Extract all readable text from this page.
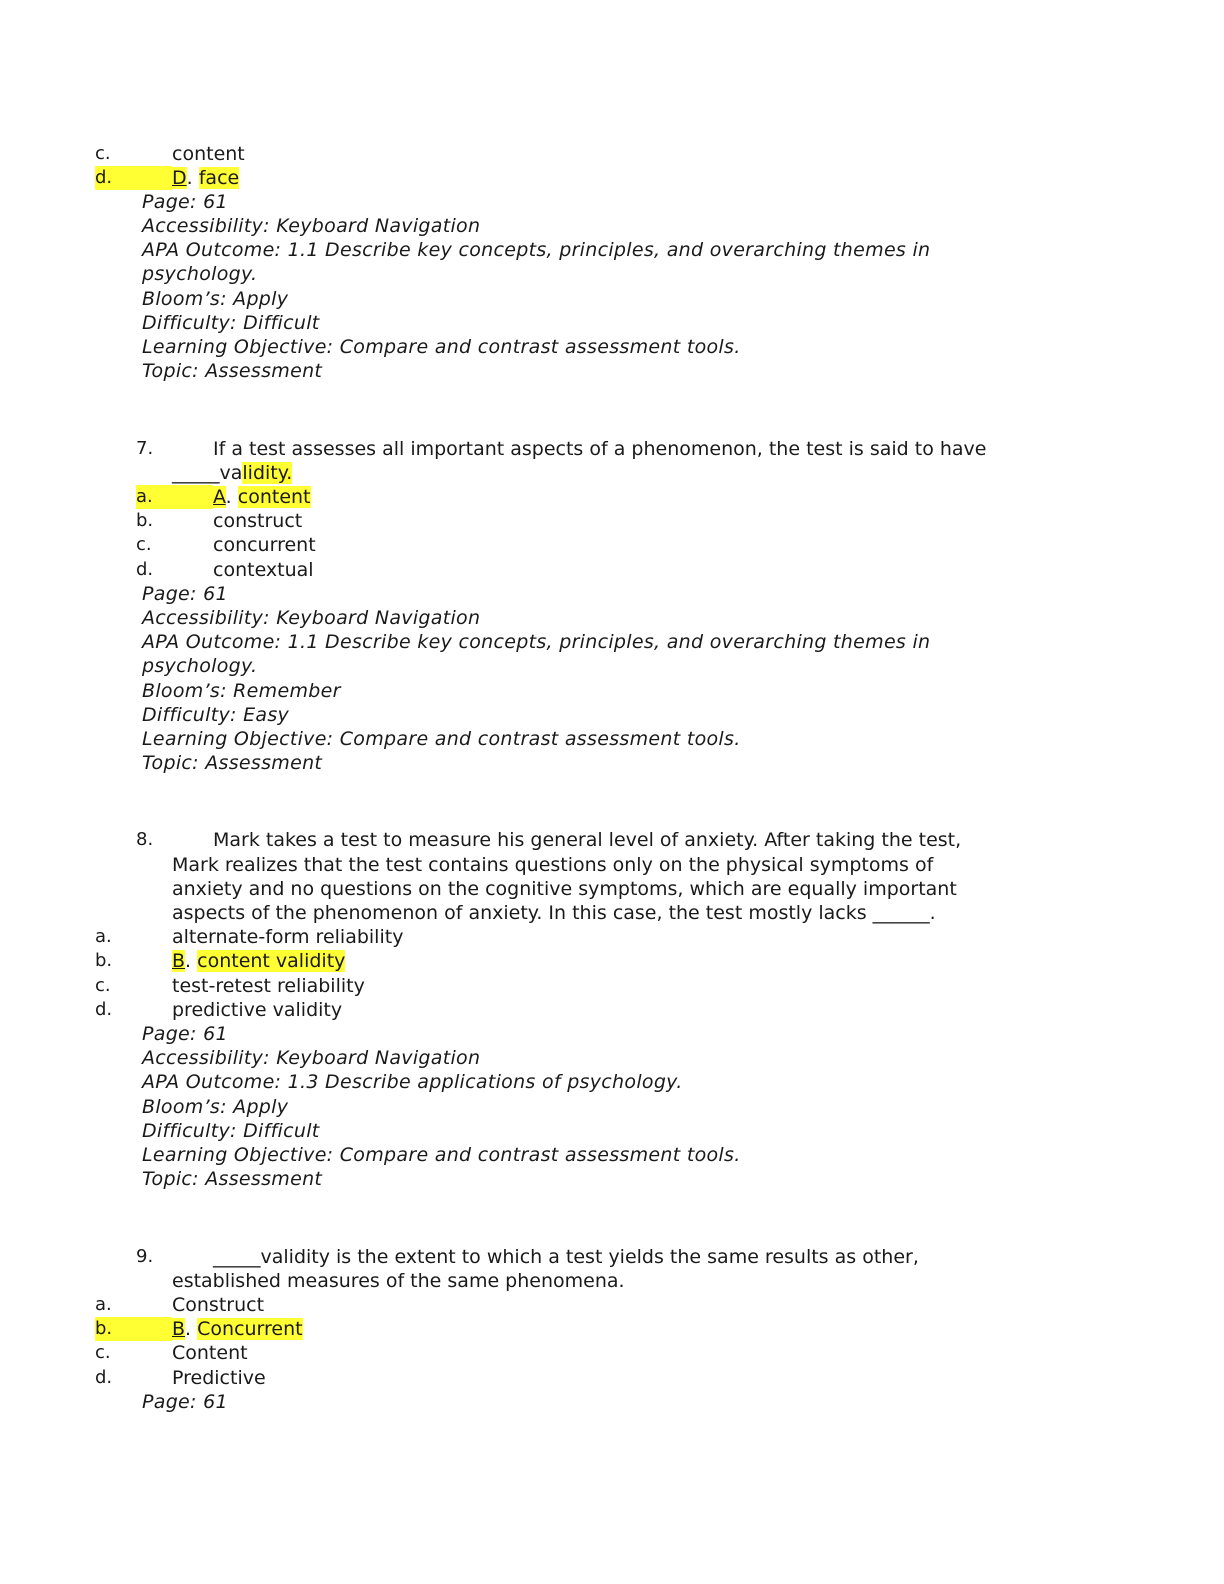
c.	content
d.
	D. face
Page: 61
Accessibility: Keyboard Navigation
APA Outcome: 1.1 Describe key concepts, principles, and overarching themes in
psychology.
Bloom’s: Apply
Difficulty: Difficult
Learning Objective: Compare and contrast assessment tools.
Topic: Assessment
7.	If a test assesses all important aspects of a phenomenon, the test is said to have
_____validity.
a.
	A. content
b.	construct
c.	concurrent
d.	contextual
Page: 61
Accessibility: Keyboard Navigation
APA Outcome: 1.1 Describe key concepts, principles, and overarching themes in
psychology.
Bloom’s: Remember
Difficulty: Easy
Learning Objective: Compare and contrast assessment tools.
Topic: Assessment
8.	Mark takes a test to measure his general level of anxiety. After taking the test,
Mark realizes that the test contains questions only on the physical symptoms of
anxiety and no questions on the cognitive symptoms, which are equally important
aspects of the phenomenon of anxiety. In this case, the test mostly lacks ______.
a.	alternate-form reliability
b.	B. content validity
c.	test-retest reliability
d.	predictive validity
Page: 61
Accessibility: Keyboard Navigation
APA Outcome: 1.3 Describe applications of psychology.
Bloom’s: Apply
Difficulty: Difficult
Learning Objective: Compare and contrast assessment tools.
Topic: Assessment
9.	_____validity is the extent to which a test yields the same results as other,
established measures of the same phenomena.
a.	Construct
b.
	B. Concurrent
c.	Content
d.	Predictive
Page: 61
